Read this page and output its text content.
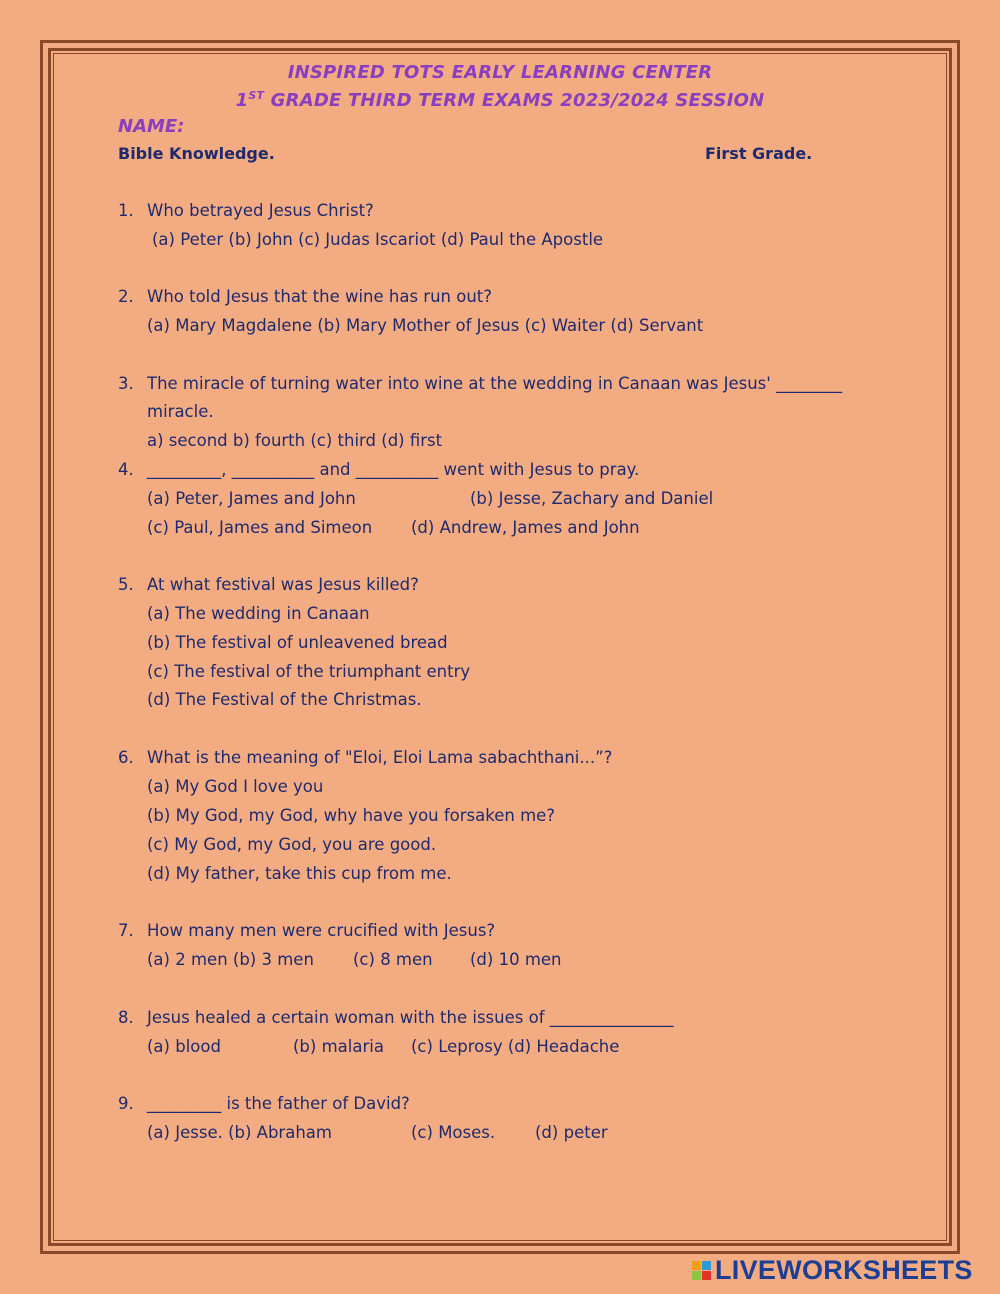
INSPIRED TOTS EARLY LEARNING CENTER
1ST GRADE THIRD TERM EXAMS 2023/2024 SESSION
NAME:
Bible Knowledge.	First Grade.
1. Who betrayed Jesus Christ?
(a) Peter (b) John (c) Judas Iscariot (d) Paul the Apostle
2. Who told Jesus that the wine has run out?
(a) Mary Magdalene (b) Mary Mother of Jesus (c) Waiter (d) Servant
3. The miracle of turning water into wine at the wedding in Canaan was Jesus' ________
miracle.
a) second b) fourth (c) third (d) first
4. _________, __________ and __________ went with Jesus to pray.
(a) Peter, James and John	(b) Jesse, Zachary and Daniel
(c) Paul, James and Simeon (d) Andrew, James and John
5. At what festival was Jesus killed?
(a) The wedding in Canaan
(b) The festival of unleavened bread
(c) The festival of the triumphant entry
(d) The Festival of the Christmas.
6. What is the meaning of "Eloi, Eloi Lama sabachthani...”?
(a) My God I love you
(b) My God, my God, why have you forsaken me?
(c) My God, my God, you are good.
(d) My father, take this cup from me.
7. How many men were crucified with Jesus?
(a) 2 men (b) 3 men (c) 8 men (d) 10 men
8. Jesus healed a certain woman with the issues of _______________
(a) blood	(b) malaria (c) Leprosy (d) Headache
9. _________ is the father of David?
(a) Jesse. (b) Abraham	(c) Moses. (d) peter
LIVEWORKSHEETS
